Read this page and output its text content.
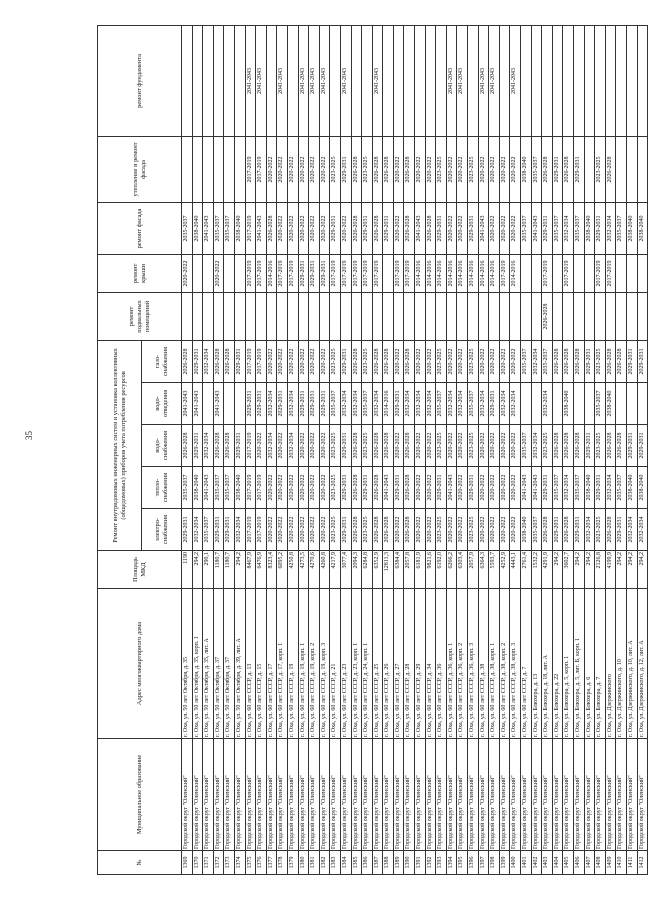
35
№	Муниципальное образование	Адрес многоквартирного дома	Площадь МКД	Ремонт внутридомовых инженерных систем и установка коллективных (общедомовых) приборов учета потребления ресурсов					ремонт подвальных помещений	ремонт крыши	ремонт фасада	утепление и ремонт фасада	ремонт фундамента
				электро-снабжения	тепло-снабжения	водо-снабжения	водо-отведения	газо-снабжения					
1369	Городской округ "Оленский"	г. Оха, ул. 50 лет Октября, д. 35	1190	2029-2031	2035-2037	2026-2028	2041-2043	2026-2028		2020-2022	2035-2037		
1370	Городской округ "Оленский"	г. Оха, ул. 50 лет Октября, д. 35, корп. 1	294,2	2032-2034	2038-2040	2029-2031	2041-2043	2029-2031			2038-2040		
1371	Городской округ "Оленский"	г. Оха, ул. 50 лет Октября, д. 35, лит. А	290,1	2035-2037	2041-2043	2032-2034		2032-2034			2041-2043		
1372	Городской округ "Оленский"	г. Оха, ул. 50 лет Октября, д. 37	1180,7	2029-2031	2035-2037	2026-2028	2041-2043	2026-2028		2020-2022	2035-2037		
1373	Городской округ "Оленский"	г. Оха, ул. 50 лет Октября, д. 37	1180,7	2029-2031	2035-2037	2026-2028		2026-2028			2035-2037		
1374	Городской округ "Оленский"	г. Оха, ул. 50 лет Октября, д. 39, лит. А	294,2	2032-2034	2038-2040	2029-2031		2029-2031			2038-2040		
1375	Городской округ "Оленский"	г. Оха, ул. 60 лет СССР, д. 13	8467,9	2017-2019	2017-2019	2017-2019	2029-2031	2017-2019		2017-2019	2017-2019	2017-2019	2041-2043
1376	Городской округ "Оленский"	г. Оха, ул. 60 лет СССР, д. 15	6476,9	2017-2019	2017-2019	2020-2022	2029-2031	2017-2019		2017-2019	2041-2043	2017-2019	2041-2043
1377	Городской округ "Оленский"	г. Оха, ул. 60 лет СССР, д. 17	8323,4	2020-2022	2020-2022	2032-2034	2032-2034	2020-2022		2014-2016	2026-2028	2020-2022	
1378	Городской округ "Оленский"	г. Оха, ул. 60 лет СССР, д. 17, корп. 1	6095,2	2020-2022	2020-2022	2020-2022	2029-2031	2020-2022		2017-2019	2020-2022	2020-2022	2041-2043
1379	Городской округ "Оленский"	г. Оха, ул. 60 лет СССР, д. 19	4250,8	2020-2022	2020-2022	2032-2034	2032-2034	2020-2022		2017-2019	2020-2022	2020-2022	
1380	Городской округ "Оленский"	г. Оха, ул. 60 лет СССР, д. 19, корп. 1	4273,5	2020-2022	2020-2022	2020-2022	2029-2031	2020-2022		2029-2031	2020-2022	2020-2022	2041-2043
1381	Городской округ "Оленский"	г. Оха, ул. 60 лет СССР, д. 19, корп. 2	4270,6	2020-2022	2020-2022	2020-2022	2029-2031	2020-2022		2029-2031	2020-2022	2020-2022	2041-2043
1382	Городской округ "Оленский"	г. Оха, ул. 60 лет СССР, д. 19, корп. 3	4260,8	2020-2022	2020-2022	2020-2022	2029-2031	2020-2022		2029-2031	2020-2022	2020-2022	2041-2043
1383	Городской округ "Оленский"	г. Оха, ул. 60 лет СССР, д. 21	4217,9	2023-2025	2023-2025	2023-2025	2035-2037	2023-2025		2017-2019	2029-2031	2023-2025	
1384	Городской округ "Оленский"	г. Оха, ул. 60 лет СССР, д. 23	3077,4	2029-2031	2029-2031	2029-2031	2032-2034	2029-2031		2017-2019	2020-2022	2029-2031	2041-2043
1385	Городской округ "Оленский"	г. Оха, ул. 60 лет СССР, д. 23, корп. 1	2094,3	2026-2028	2026-2028	2026-2028	2032-2034	2026-2028		2017-2019	2026-2028	2026-2028	
1386	Городской округ "Оленский"	г. Оха, ул. 60 лет СССР, д. 24, корп. 1	6284,8	2023-2025	2029-2031	2023-2025	2035-2037	2023-2025		2017-2019	2029-2031	2023-2025	
1387	Городской округ "Оленский"	г. Оха, ул. 60 лет СССР, д. 25	6352,9	2026-2028	2026-2028	2026-2028	2032-2034	2026-2028		2017-2019	2026-2028	2026-2028	2041-2043
1388	Городской округ "Оленский"	г. Оха, ул. 60 лет СССР, д. 26	12811,3	2026-2028	2041-2043	2026-2028	2014-2016	2026-2028			2029-2031	2026-2028	
1389	Городской округ "Оленский"	г. Оха, ул. 60 лет СССР, д. 27	6384,4	2020-2022	2029-2031	2020-2022	2029-2031	2020-2022		2017-2019	2020-2022	2020-2022	
1390	Городской округ "Оленский"	г. Оха, ул. 60 лет СССР, д. 28	2057,8	2026-2028	2026-2028	2026-2028	2032-2034	2026-2028		2017-2019	2026-2028	2026-2028	
1391	Городской округ "Оленский"	г. Оха, ул. 60 лет СССР, д. 29	6181,9	2020-2022	2020-2022	2020-2022	2032-2034	2020-2022		2014-2016	2041-2043	2020-2022	
1392	Городской округ "Оленский"	г. Оха, ул. 60 лет СССР, д. 34	9821,6	2020-2022	2020-2022	2020-2022	2032-2034	2020-2022		2014-2016	2026-2028	2020-2022	
1393	Городской округ "Оленский"	г. Оха, ул. 60 лет СССР, д. 36	6192,0	2023-2025	2029-2031	2023-2025	2035-2037	2023-2025		2014-2016	2029-2031	2023-2025	
1394	Городской округ "Оленский"	г. Оха, ул. 60 лет СССР, д. 36, корп. 1	6266,2	2020-2022	2041-2043	2020-2022	2032-2034	2020-2022		2014-2016	2020-2022	2020-2022	2041-2043
1395	Городской округ "Оленский"	г. Оха, ул. 60 лет СССР, д. 36, корп. 2	6303,4	2020-2022	2020-2022	2020-2022	2032-2034	2020-2022		2014-2016	2020-2022	2020-2022	2041-2043
1396	Городской округ "Оленский"	г. Оха, ул. 60 лет СССР, д. 36, корп. 3	2057,9	2023-2025	2029-2031	2023-2025	2035-2037	2023-2025		2014-2016	2029-2031	2023-2025	
1397	Городской округ "Оленский"	г. Оха, ул. 60 лет СССР, д. 38	6364,3	2020-2022	2020-2022	2020-2022	2032-2034	2020-2022		2014-2016	2041-2043	2020-2022	2041-2043
1398	Городской округ "Оленский"	г. Оха, ул. 60 лет СССР, д. 38, корп. 1	5593,7	2020-2022	2020-2022	2020-2022	2029-2031	2020-2022		2014-2016	2020-2022	2020-2022	2041-2043
1399	Городской округ "Оленский"	г. Оха, ул. 60 лет СССР, д. 38, корп. 2	4252,9	2020-2022	2020-2022	2020-2022	2032-2034	2020-2022		2017-2019	2020-2022	2020-2022	
1400	Городской округ "Оленский"	г. Оха, ул. 60 лет СССР, д. 38, корп. 3	4443,1	2020-2022	2020-2022	2020-2022	2032-2034	2020-2022		2014-2016	2020-2022	2020-2022	2041-2043
1401	Городской округ "Оленский"	г. Оха, ул. 60 лет СССР, д. 7	2761,4	2038-2040	2041-2043	2035-2037		2035-2037			2035-2037	2038-2040	
1402	Городской округ "Оленский"	г. Оха, ул. Блюхера, д. 13	1532,2	2035-2037	2041-2043	2032-2034		2032-2034			2041-2043	2035-2037	
1403	Городской округ "Оленский"	г. Оха, ул. Блюхера, д. 18, лит. А	4291,9	2026-2028	2029-2031	2023-2025	2032-2034	2035-2037	2026-2028	2017-2019	2029-2031	2026-2028	
1404	Городской округ "Оленский"	г. Оха, ул. Блюхера, д. 22	294,2	2029-2031	2035-2037	2026-2028		2026-2028			2035-2037	2029-2031	
1405	Городской округ "Оленский"	г. Оха, ул. Блюхера, д. 5, корп. 1	3602,7	2026-2028	2032-2034	2026-2028	2038-2040	2026-2028		2017-2019	2032-2034	2026-2028	
1406	Городской округ "Оленский"	г. Оха, ул. Блюхера, д. 5, лит. Б, корп. 1	294,2	2029-2031	2035-2037	2026-2028		2026-2028			2035-2037	2029-2031	
1407	Городской округ "Оленский"	г. Оха, ул. Блюхера, д. 6	294,2	2032-2034	2038-2040	2029-2031		2029-2031			2038-2040		
1408	Городской округ "Оленский"	г. Оха, ул. Блюхера, д. 7	2126,8	2023-2025	2029-2031	2023-2025	2035-2037	2023-2025		2017-2019	2029-2031	2023-2025	
1409	Городской округ "Оленский"	г. Оха, ул. Дзержинского	4199,9	2026-2028	2032-2034	2026-2028	2038-2040	2026-2028		2017-2019	2032-2034	2026-2028	
1410	Городской округ "Оленский"	г. Оха, ул. Дзержинского, д. 10	294,2	2029-2031	2035-2037	2026-2028		2026-2028			2035-2037		
1411	Городской округ "Оленский"	г. Оха, ул. Дзержинского, д. 10, лит. А	294,2	2032-2034	2038-2040	2029-2031		2029-2031			2038-2040		
1412	Городской округ "Оленский"	г. Оха, ул. Дзержинского, д. 12, лит. А	294,2	2032-2034	2038-2040	2029-2031		2029-2031			2038-2040		
